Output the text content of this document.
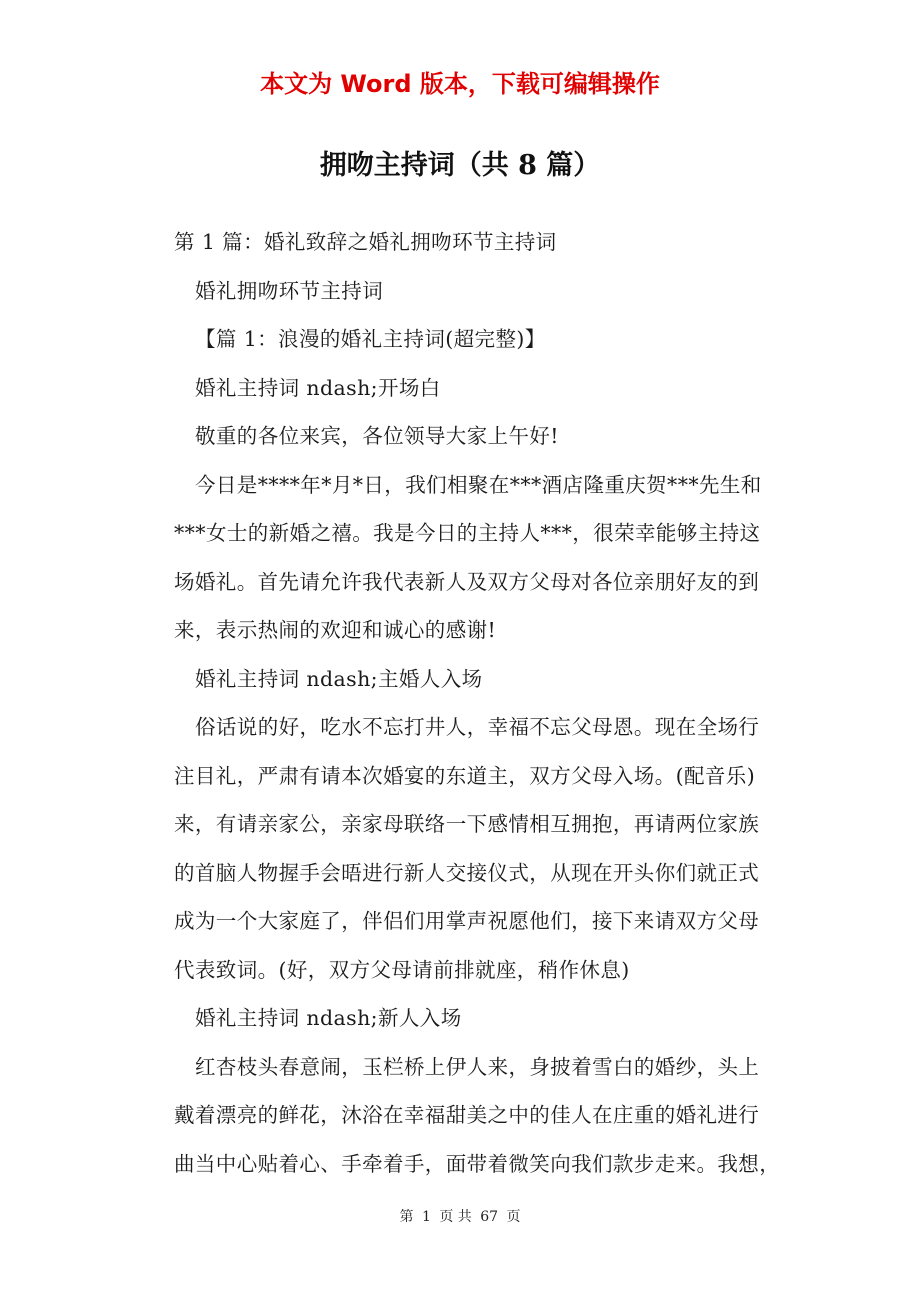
本文为 Word 版本，下载可编辑操作
拥吻主持词（共 8 篇）
第 1 篇：婚礼致辞之婚礼拥吻环节主持词
婚礼拥吻环节主持词
【篇 1：浪漫的婚礼主持词(超完整)】
婚礼主持词 ndash;开场白
敬重的各位来宾，各位领导大家上午好!
今日是****年*月*日，我们相聚在***酒店隆重庆贺***先生和
***女士的新婚之禧。我是今日的主持人***，很荣幸能够主持这
场婚礼。首先请允许我代表新人及双方父母对各位亲朋好友的到
来，表示热闹的欢迎和诚心的感谢!
婚礼主持词 ndash;主婚人入场
俗话说的好，吃水不忘打井人，幸福不忘父母恩。现在全场行
注目礼，严肃有请本次婚宴的东道主，双方父母入场。(配音乐)
来，有请亲家公，亲家母联络一下感情相互拥抱，再请两位家族
的首脑人物握手会晤进行新人交接仪式，从现在开头你们就正式
成为一个大家庭了，伴侣们用掌声祝愿他们，接下来请双方父母
代表致词。(好，双方父母请前排就座，稍作休息)
婚礼主持词 ndash;新人入场
红杏枝头春意闹，玉栏桥上伊人来，身披着雪白的婚纱，头上
戴着漂亮的鲜花，沐浴在幸福甜美之中的佳人在庄重的婚礼进行
曲当中心贴着心、手牵着手，面带着微笑向我们款步走来。我想，
第 1 页 共 67 页
